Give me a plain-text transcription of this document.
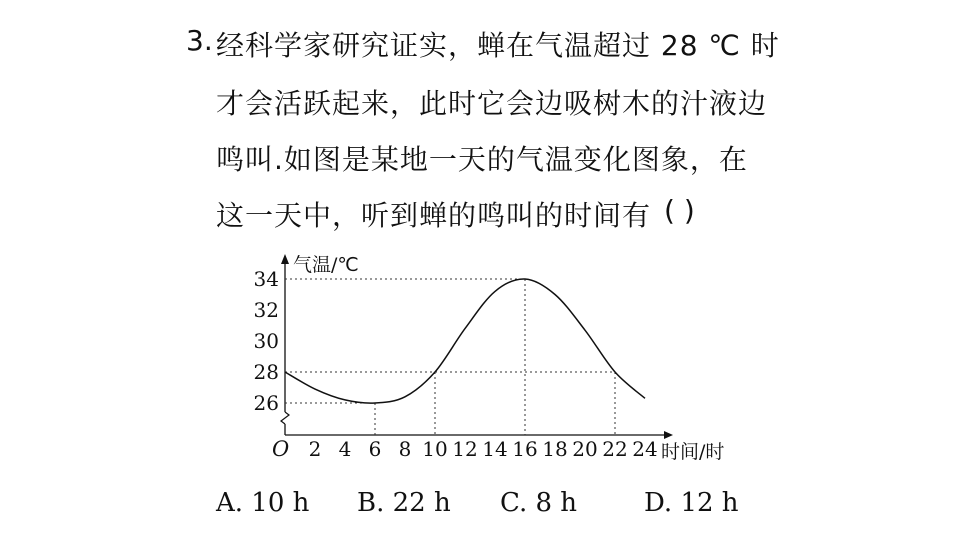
3. 经科学家研究证实，蝉在气温超过 28 ℃ 时
才会活跃起来，此时它会边吸树木的汁液边
鸣叫.如图是某地一天的气温变化图象，在
这一天中，听到蝉的鸣叫的时间有 ( )
气温/℃
时间/时
O 2 4 6 8 10 12 14 16 18 20 22 24
26
28
30
32
34
A. 10 h B. 22 h C. 8 h	D. 12 h
